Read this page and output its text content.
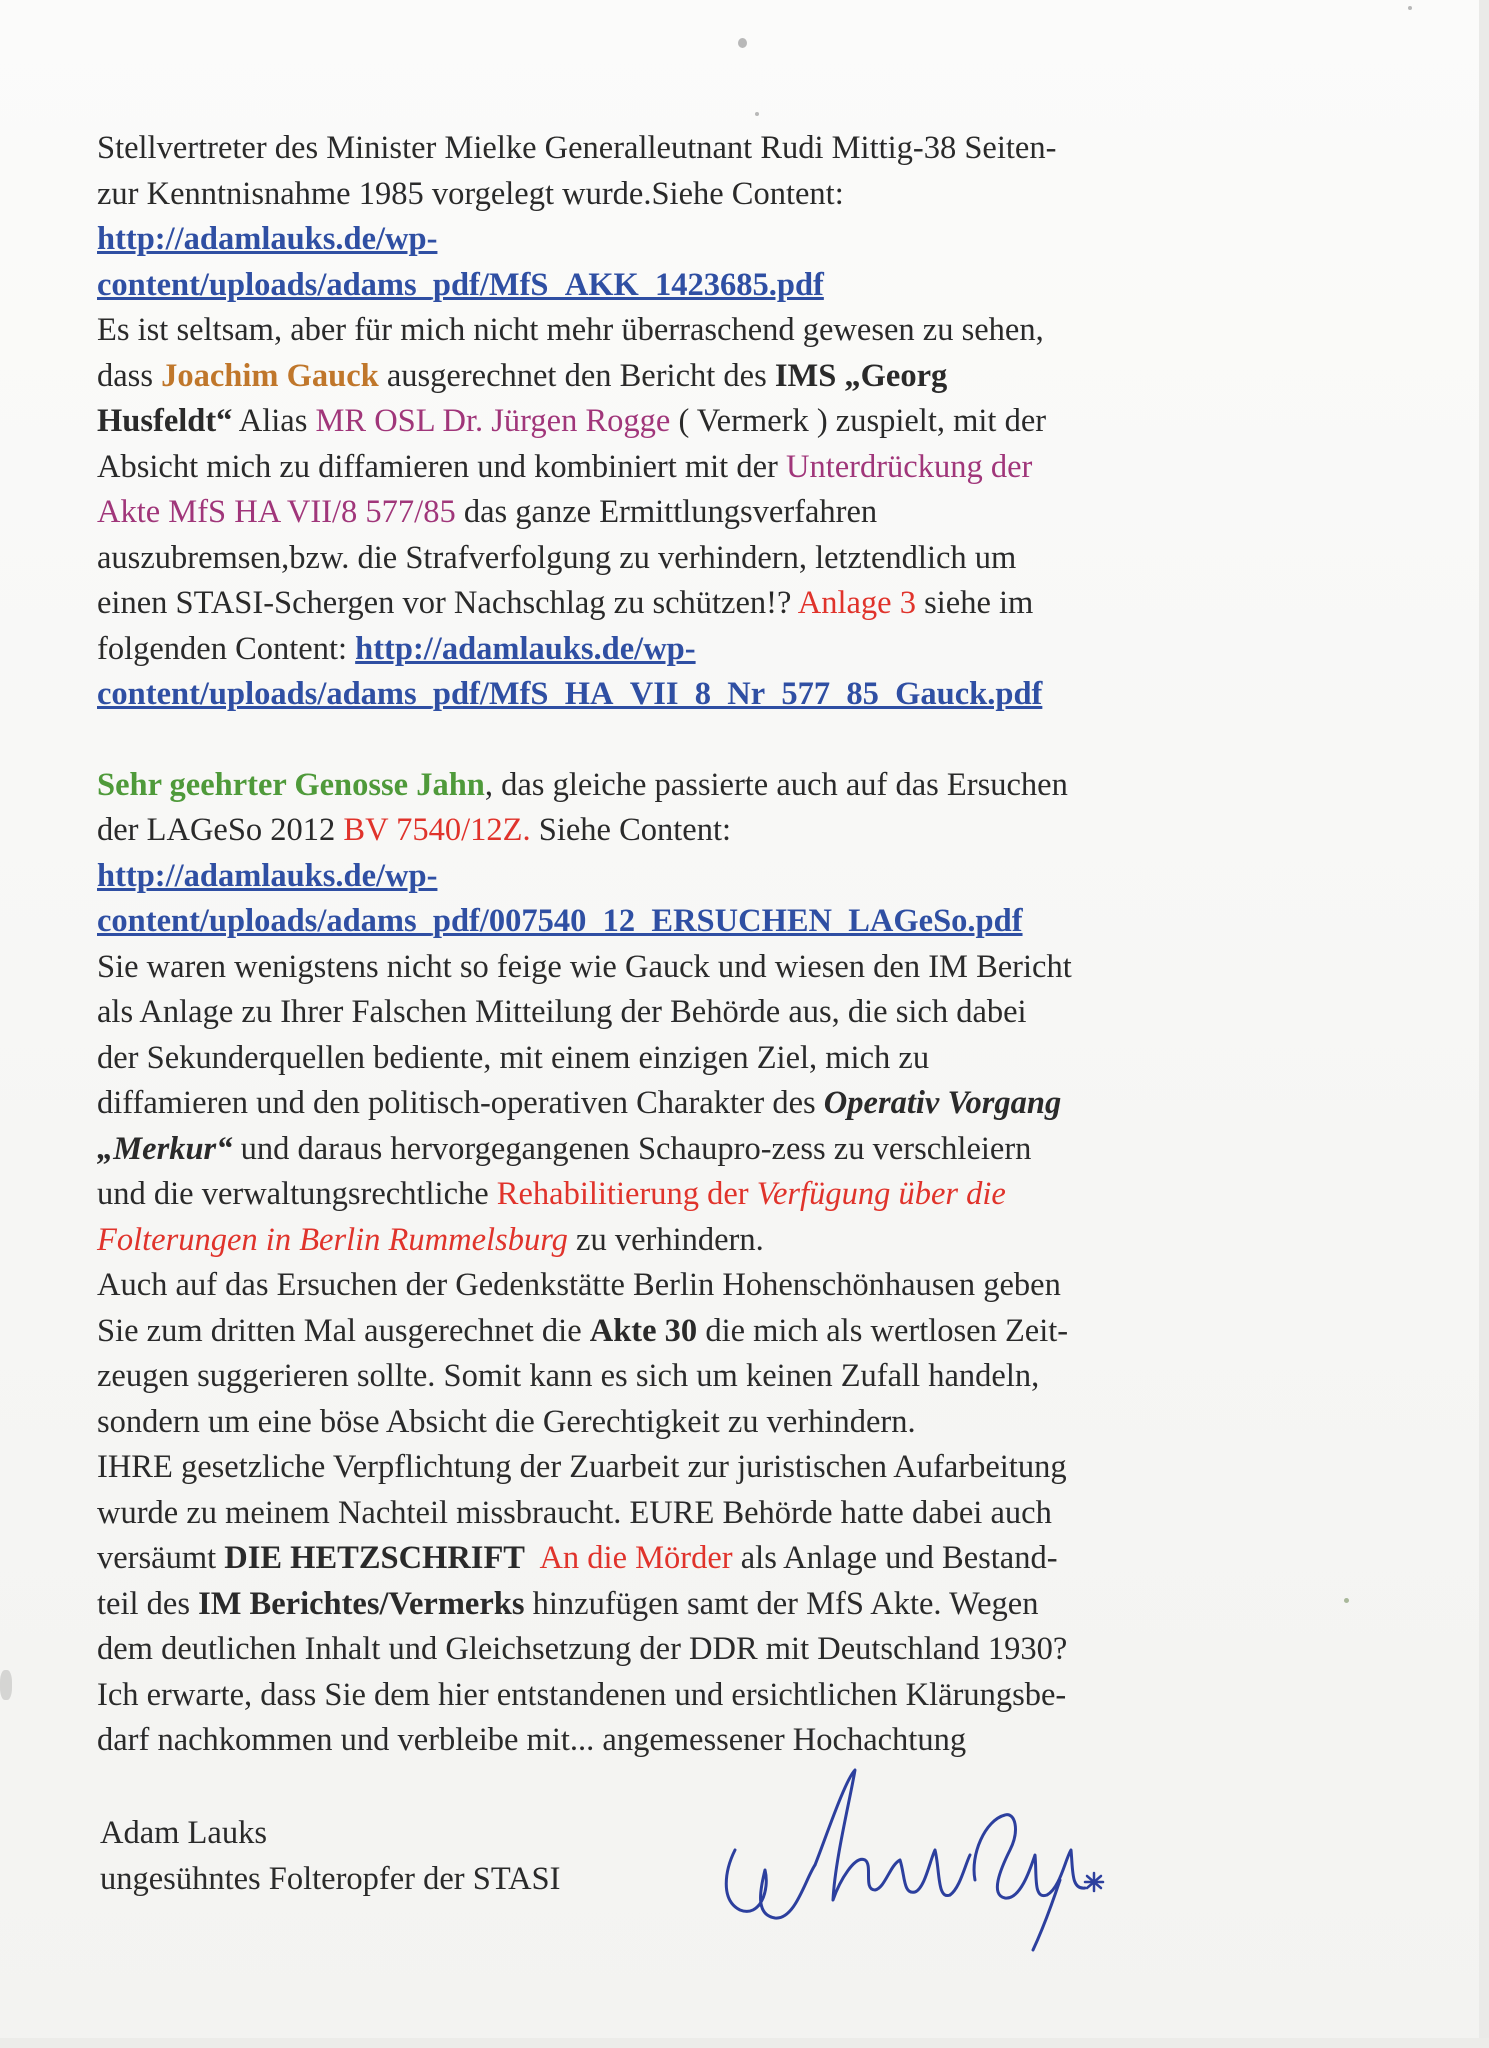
Stellvertreter des Minister Mielke Generalleutnant Rudi Mittig-38 Seiten-
zur Kenntnisnahme 1985 vorgelegt wurde.Siehe Content:
http://adamlauks.de/wp-
content/uploads/adams_pdf/MfS_AKK_1423685.pdf
Es ist seltsam, aber für mich nicht mehr überraschend gewesen zu sehen,
dass Joachim Gauck ausgerechnet den Bericht des IMS „Georg
Husfeldt“ Alias MR OSL Dr. Jürgen Rogge ( Vermerk ) zuspielt, mit der
Absicht mich zu diffamieren und kombiniert mit der Unterdrückung der
Akte MfS HA VII/8 577/85 das ganze Ermittlungsverfahren
auszubremsen,bzw. die Strafverfolgung zu verhindern, letztendlich um
einen STASI-Schergen vor Nachschlag zu schützen!? Anlage 3 siehe im
folgenden Content: http://adamlauks.de/wp-
content/uploads/adams_pdf/MfS_HA_VII_8_Nr_577_85_Gauck.pdf

Sehr geehrter Genosse Jahn, das gleiche passierte auch auf das Ersuchen
der LAGeSo 2012 BV 7540/12Z. Siehe Content:
http://adamlauks.de/wp-
content/uploads/adams_pdf/007540_12_ERSUCHEN_LAGeSo.pdf
Sie waren wenigstens nicht so feige wie Gauck und wiesen den IM Bericht
als Anlage zu Ihrer Falschen Mitteilung der Behörde aus, die sich dabei
der Sekunderquellen bediente, mit einem einzigen Ziel, mich zu
diffamieren und den politisch-operativen Charakter des Operativ Vorgang
„Merkur“ und daraus hervorgegangenen Schaupro-zess zu verschleiern
und die verwaltungsrechtliche Rehabilitierung der Verfügung über die
Folterungen in Berlin Rummelsburg zu verhindern.
Auch auf das Ersuchen der Gedenkstätte Berlin Hohenschönhausen geben
Sie zum dritten Mal ausgerechnet die Akte 30 die mich als wertlosen Zeit-
zeugen suggerieren sollte. Somit kann es sich um keinen Zufall handeln,
sondern um eine böse Absicht die Gerechtigkeit zu verhindern.
IHRE gesetzliche Verpflichtung der Zuarbeit zur juristischen Aufarbeitung
wurde zu meinem Nachteil missbraucht. EURE Behörde hatte dabei auch
versäumt DIE HETZSCHRIFT An die Mörder als Anlage und Bestand-
teil des IM Berichtes/Vermerks hinzufügen samt der MfS Akte. Wegen
dem deutlichen Inhalt und Gleichsetzung der DDR mit Deutschland 1930?
Ich erwarte, dass Sie dem hier entstandenen und ersichtlichen Klärungsbe-
darf nachkommen und verbleibe mit... angemessener Hochachtung

Adam Lauks
ungesühntes Folteropfer der STASI
